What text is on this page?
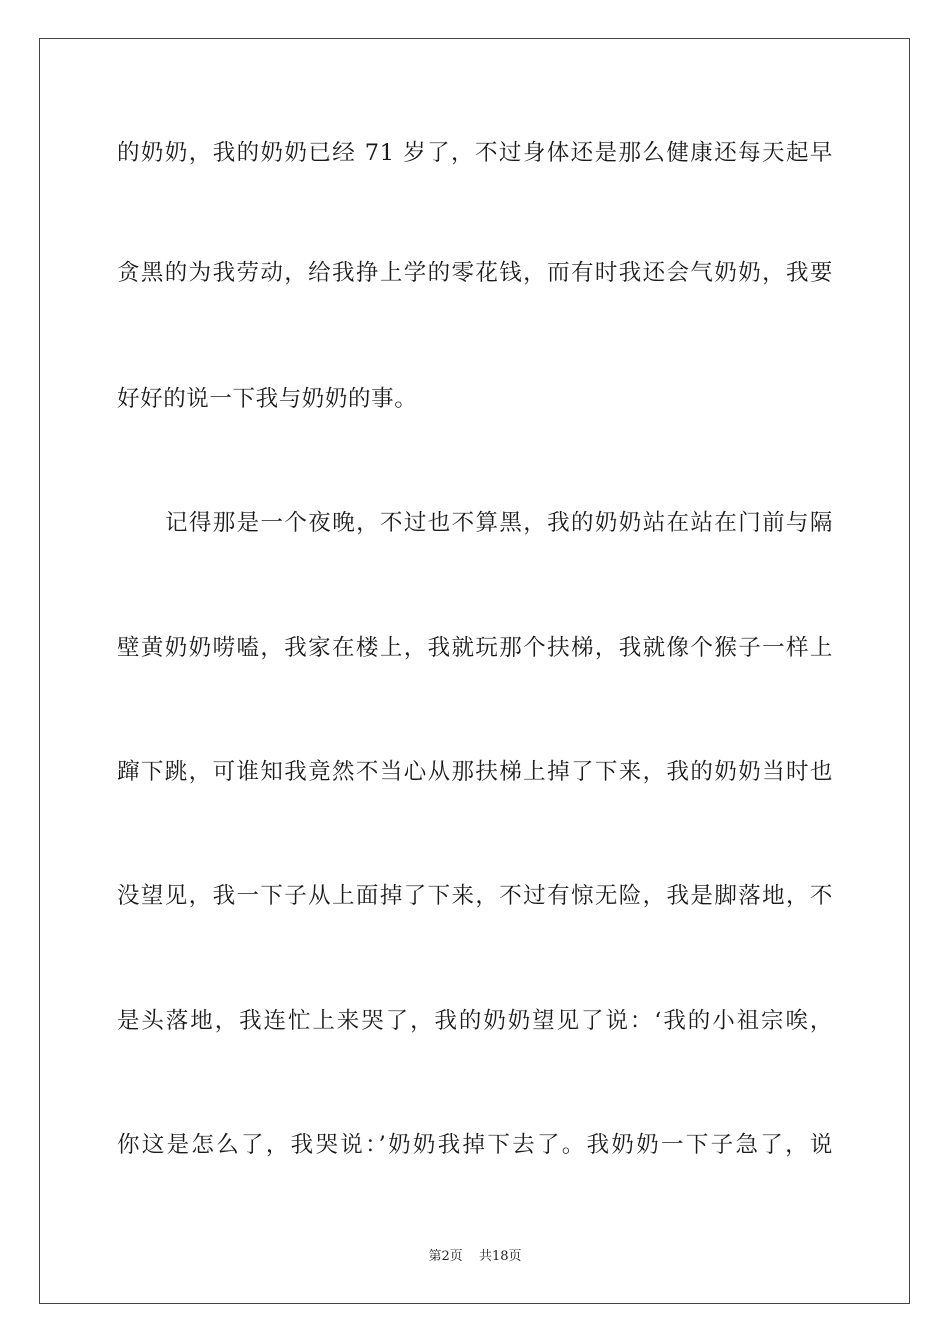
的奶奶，我的奶奶已经 71 岁了，不过身体还是那么健康还每天起早
贪黑的为我劳动，给我挣上学的零花钱，而有时我还会气奶奶，我要
好好的说一下我与奶奶的事。
记得那是一个夜晚，不过也不算黑，我的奶奶站在站在门前与隔
壁黄奶奶唠嗑，我家在楼上，我就玩那个扶梯，我就像个猴子一样上
蹿下跳，可谁知我竟然不当心从那扶梯上掉了下来，我的奶奶当时也
没望见，我一下子从上面掉了下来，不过有惊无险，我是脚落地，不
是头落地，我连忙上来哭了，我的奶奶望见了说：‘我的小祖宗唉，
你这是怎么了，我哭说：’奶奶我掉下去了。我奶奶一下子急了，说
第2页 共18页
